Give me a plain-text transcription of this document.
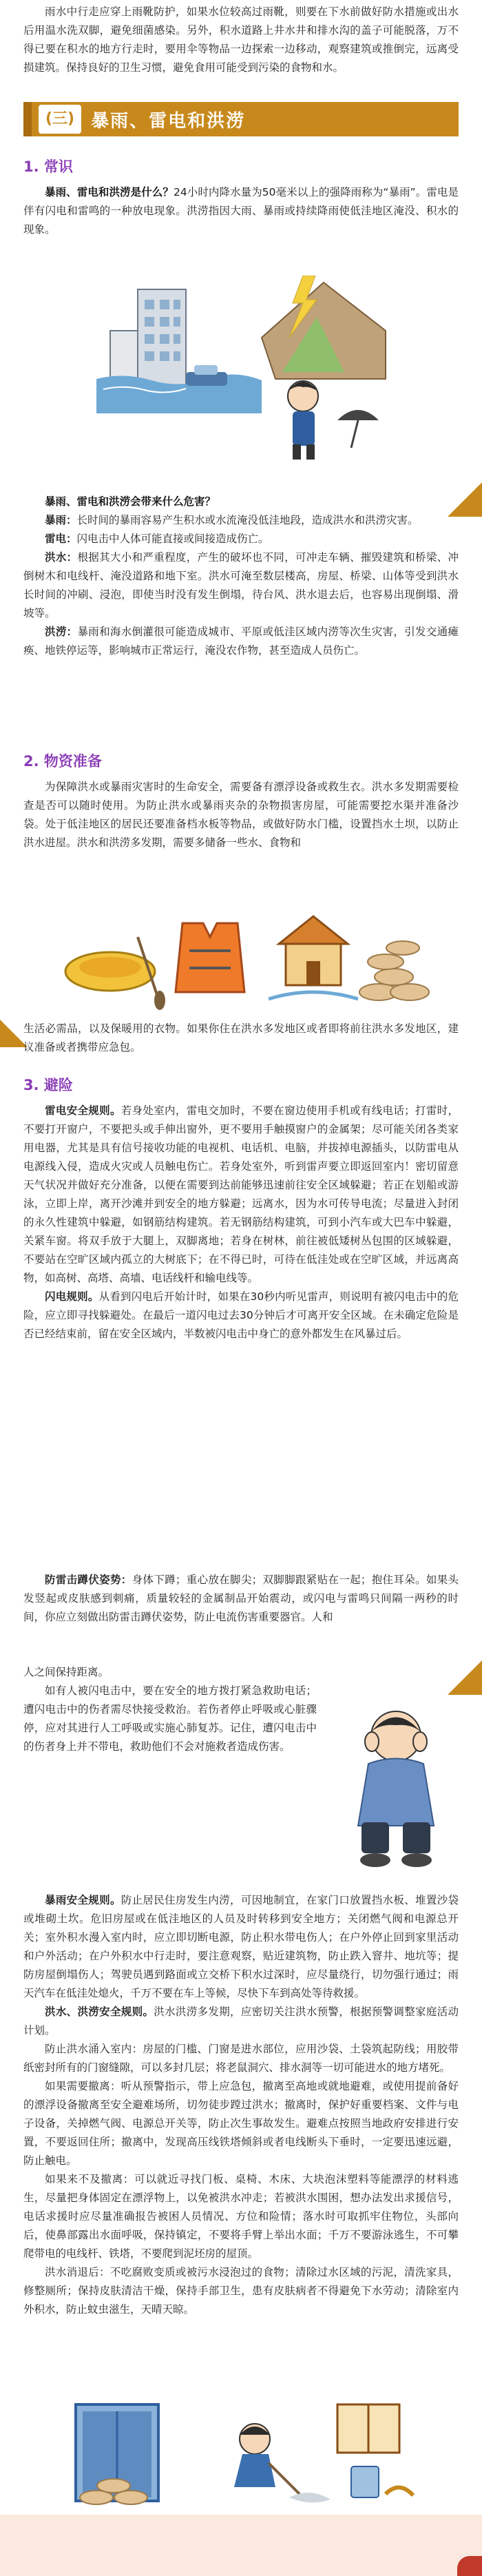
雨水中行走应穿上雨靴防护，如果水位较高过雨靴，则要在下水前做好防水措施或出水后用温水洗双脚，避免细菌感染。另外，积水道路上井水井和排水沟的盖子可能脱落，万不得已要在积水的地方行走时，要用伞等物品一边探索一边移动，观察建筑或推倒完，远离受损建筑。保持良好的卫生习惯，避免食用可能受到污染的食物和水。

(三) 暴雨、雷电和洪涝
1. 常识

暴雨、雷电和洪涝是什么？24小时内降水量为50毫米以上的强降雨称为“暴雨”。雷电是伴有闪电和雷鸣的一种放电现象。洪涝指因大雨、暴雨或持续降雨使低洼地区淹没、积水的现象。

暴雨、雷电和洪涝会带来什么危害？

暴雨：长时间的暴雨容易产生积水或水流淹没低洼地段，造成洪水和洪涝灾害。

雷电：闪电击中人体可能直接或间接造成伤亡。

洪水：根据其大小和严重程度，产生的破坏也不同，可冲走车辆、摧毁建筑和桥梁、冲倒树木和电线杆、淹没道路和地下室。洪水可淹至数层楼高，房屋、桥梁、山体等受到洪水长时间的冲刷、浸泡，即使当时没有发生倒塌，待台风、洪水退去后，也容易出现倒塌、滑坡等。

洪涝：暴雨和海水倒灌很可能造成城市、平原或低洼区域内涝等次生灾害，引发交通瘫痪、地铁停运等，影响城市正常运行，淹没农作物，甚至造成人员伤亡。

2. 物资准备

为保障洪水或暴雨灾害时的生命安全，需要备有漂浮设备或救生衣。洪水多发期需要检查是否可以随时使用。为防止洪水或暴雨夹杂的杂物损害房屋，可能需要挖水渠并准备沙袋。处于低洼地区的居民还要准备档水板等物品，或做好防水门槛，设置挡水土坝，以防止洪水进屋。洪水和洪涝多发期，需要多储备一些水、食物和

生活必需品，以及保暖用的衣物。如果你住在洪水多发地区或者即将前往洪水多发地区，建议准备或者携带应急包。

3. 避险

雷电安全规则。若身处室内，雷电交加时，不要在窗边使用手机或有线电话；打雷时，不要打开窗户，不要把头或手伸出窗外，更不要用手触摸窗户的金属架；尽可能关闭各类家用电器，尤其是具有信号接收功能的电视机、电话机、电脑，并拔掉电源插头，以防雷电从电源线入侵，造成火灾或人员触电伤亡。若身处室外，听到雷声要立即返回室内！密切留意天气状况并做好充分准备，以便在需要到达前能够迅速前往安全区域躲避；若正在划船或游泳，立即上岸，离开沙滩并到安全的地方躲避；远离水，因为水可传导电流；尽量进入封闭的永久性建筑中躲避，如钢筋结构建筑。若无钢筋结构建筑，可到小汽车或大巴车中躲避，关紧车窗。将双手放于大腿上，双脚离地；若身在树林，前往被低矮树丛包围的区域躲避，不要站在空旷区域内孤立的大树底下；在不得已时，可待在低洼处或在空旷区域，并远离高物，如高树、高塔、高墙、电话线杆和输电线等。

闪电规则。从看到闪电后开始计时，如果在30秒内听见雷声，则说明有被闪电击中的危险，应立即寻找躲避处。在最后一道闪电过去30分钟后才可离开安全区域。在未确定危险是否已经结束前，留在安全区域内，半数被闪电击中身亡的意外都发生在风暴过后。

防雷击蹲伏姿势：身体下蹲；重心放在脚尖；双脚脚跟紧贴在一起；抱住耳朵。如果头发竖起或皮肤感到刺痛，质量较轻的金属制品开始震动，或闪电与雷鸣只间隔一两秒的时间，你应立刻做出防雷击蹲伏姿势，防止电流伤害重要器官。人和

人之间保持距离。

如有人被闪电击中，要在安全的地方拨打紧急救助电话；遭闪电击中的伤者需尽快接受救治。若伤者停止呼吸或心脏骤停，应对其进行人工呼吸或实施心肺复苏。记住，遭闪电击中的伤者身上并不带电，救助他们不会对施救者造成伤害。

暴雨安全规则。防止居民住房发生内涝，可因地制宜，在家门口放置挡水板、堆置沙袋或堆砌土坎。危旧房屋或在低洼地区的人员及时转移到安全地方；关闭燃气阀和电源总开关；室外积水漫入室内时，应立即切断电源，防止积水带电伤人；在户外停止回到家里活动和户外活动；在户外积水中行走时，要注意观察，贴近建筑物，防止跌入窨井、地坑等；提防房屋倒塌伤人；驾驶员遇到路面或立交桥下积水过深时，应尽量绕行，切勿强行通过；雨天汽车在低洼处熄火，千万不要在车上等候，尽快下车到高处等待救援。

洪水、洪涝安全规则。洪水洪涝多发期，应密切关注洪水预警，根据预警调整家庭活动计划。

防止洪水涌入室内：房屋的门槛、门窗是进水部位，应用沙袋、土袋筑起防线；用胶带纸密封所有的门窗缝隙，可以多封几层；将老鼠洞穴、排水洞等一切可能进水的地方堵死。

如果需要撤离：听从预警指示，带上应急包，撤离至高地或就地避难，或使用提前备好的漂浮设备撤离至安全避难场所，切勿徒步蹚过洪水；撤离时，保护好重要档案、文件与电子设备，关掉燃气阀、电源总开关等，防止次生事故发生。避难点按照当地政府安排进行安置，不要返回住所；撤离中，发现高压线铁塔倾斜或者电线断头下垂时，一定要迅速远避，防止触电。

如果来不及撤离：可以就近寻找门板、桌椅、木床、大块泡沫塑料等能漂浮的材料逃生，尽量把身体固定在漂浮物上，以免被洪水冲走；若被洪水围困，想办法发出求援信号，电话求援时应尽量准确报告被困人员情况、方位和险情；落水时可取抓牢住物位，头部向后，使鼻部露出水面呼吸，保持镇定，不要将手臂上举出水面；千万不要游泳逃生，不可攀爬带电的电线杆、铁塔，不要爬到泥坯房的屋顶。

洪水消退后：不吃腐败变质或被污水浸泡过的食物；清除过水区域的污泥，清洗家具，修整厕所；保持皮肤清洁干燥，保持手部卫生，患有皮肤病者不得避免下水劳动；清除室内外积水，防止蚊虫滋生，天晴天晾。
